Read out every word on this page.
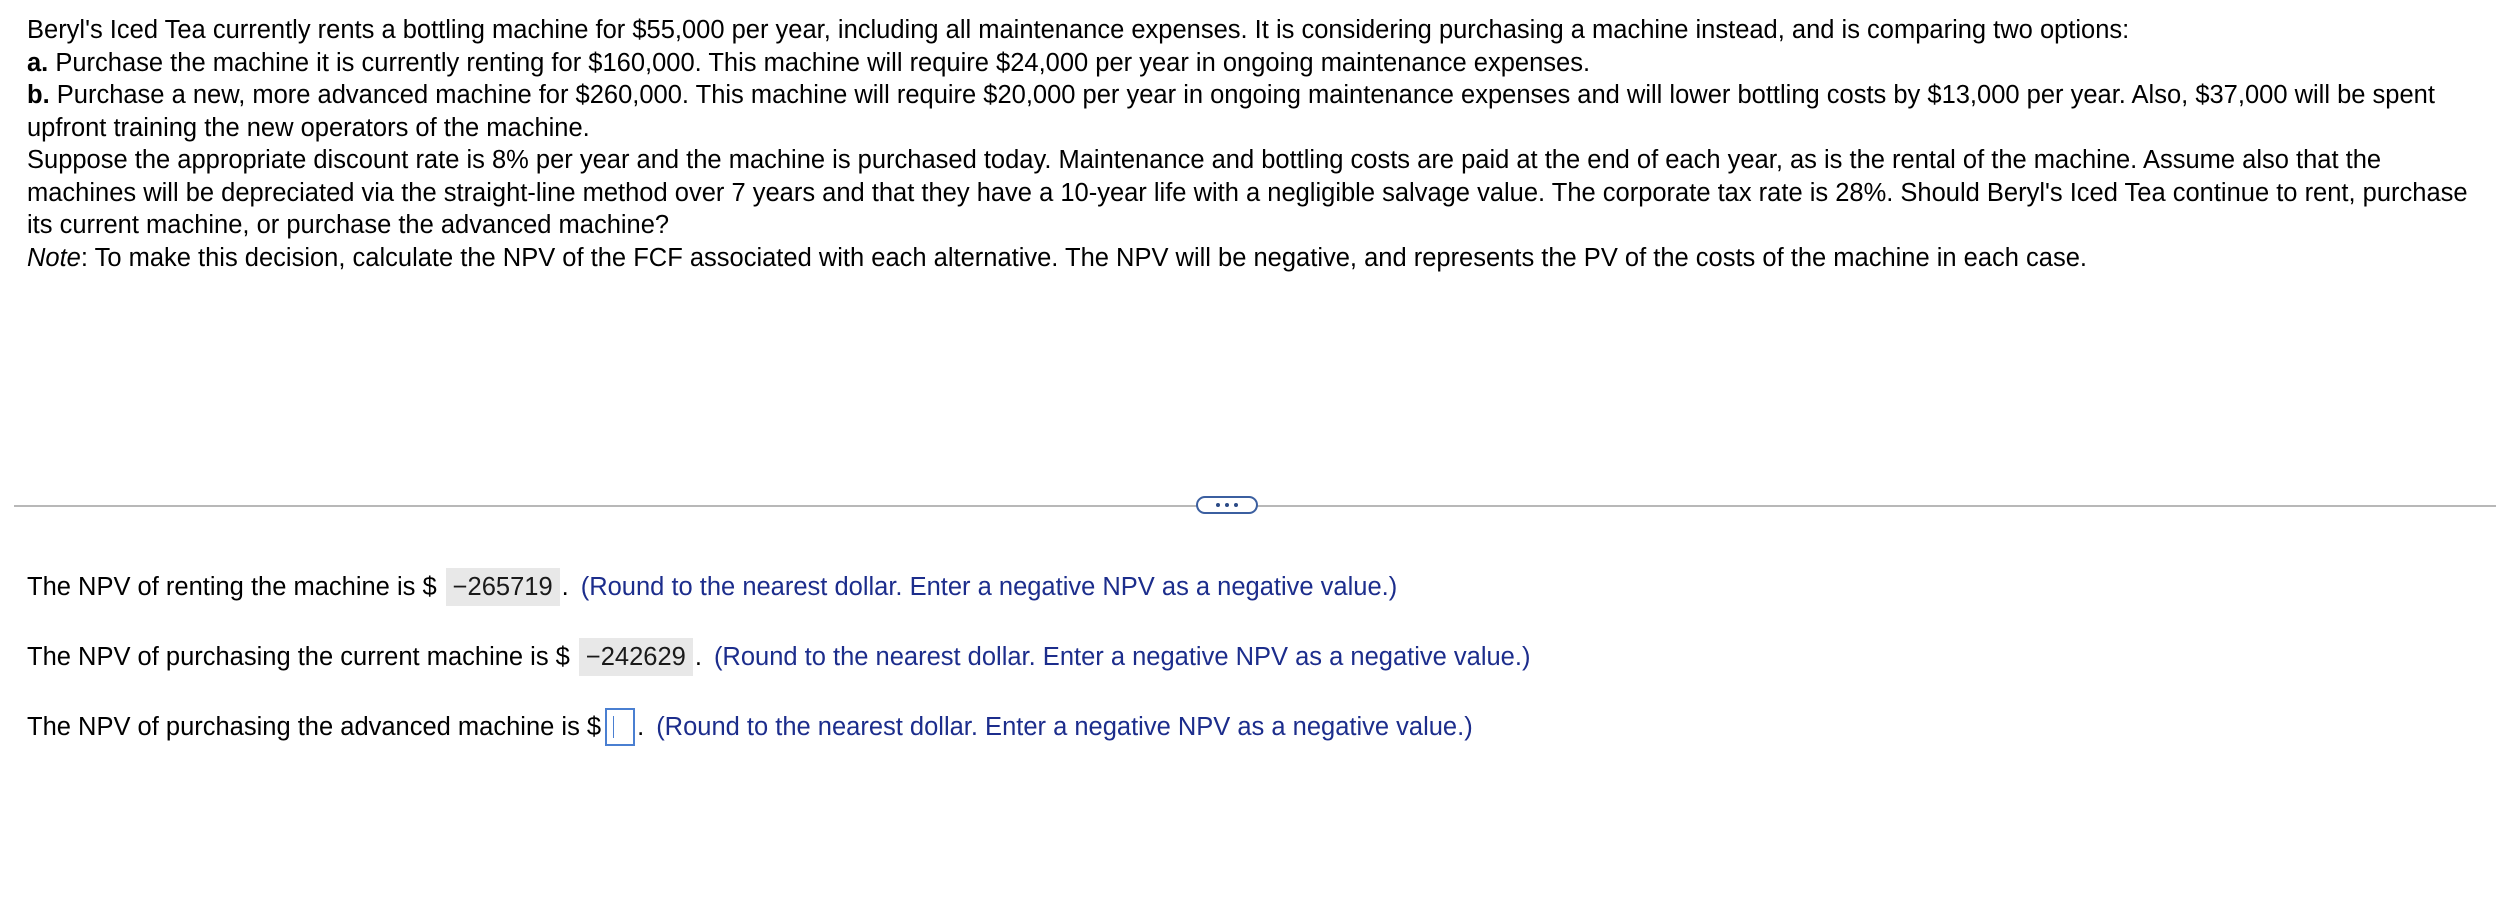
Beryl's Iced Tea currently rents a bottling machine for $55,000 per year, including all maintenance expenses. It is considering purchasing a machine instead, and is comparing two options:

a. Purchase the machine it is currently renting for $160,000. This machine will require $24,000 per year in ongoing maintenance expenses.

b. Purchase a new, more advanced machine for $260,000. This machine will require $20,000 per year in ongoing maintenance expenses and will lower bottling costs by $13,000 per year. Also, $37,000 will be spent upfront training the new operators of the machine.

Suppose the appropriate discount rate is 8% per year and the machine is purchased today. Maintenance and bottling costs are paid at the end of each year, as is the rental of the machine. Assume also that the machines will be depreciated via the straight-line method over 7 years and that they have a 10-year life with a negligible salvage value. The corporate tax rate is 28%. Should Beryl's Iced Tea continue to rent, purchase its current machine, or purchase the advanced machine?

Note: To make this decision, calculate the NPV of the FCF associated with each alternative. The NPV will be negative, and represents the PV of the costs of the machine in each case.

The NPV of renting the machine is $ −265719 . (Round to the nearest dollar. Enter a negative NPV as a negative value.)
The NPV of purchasing the current machine is $ −242629 . (Round to the nearest dollar. Enter a negative NPV as a negative value.)
The NPV of purchasing the advanced machine is $ . (Round to the nearest dollar. Enter a negative NPV as a negative value.)
